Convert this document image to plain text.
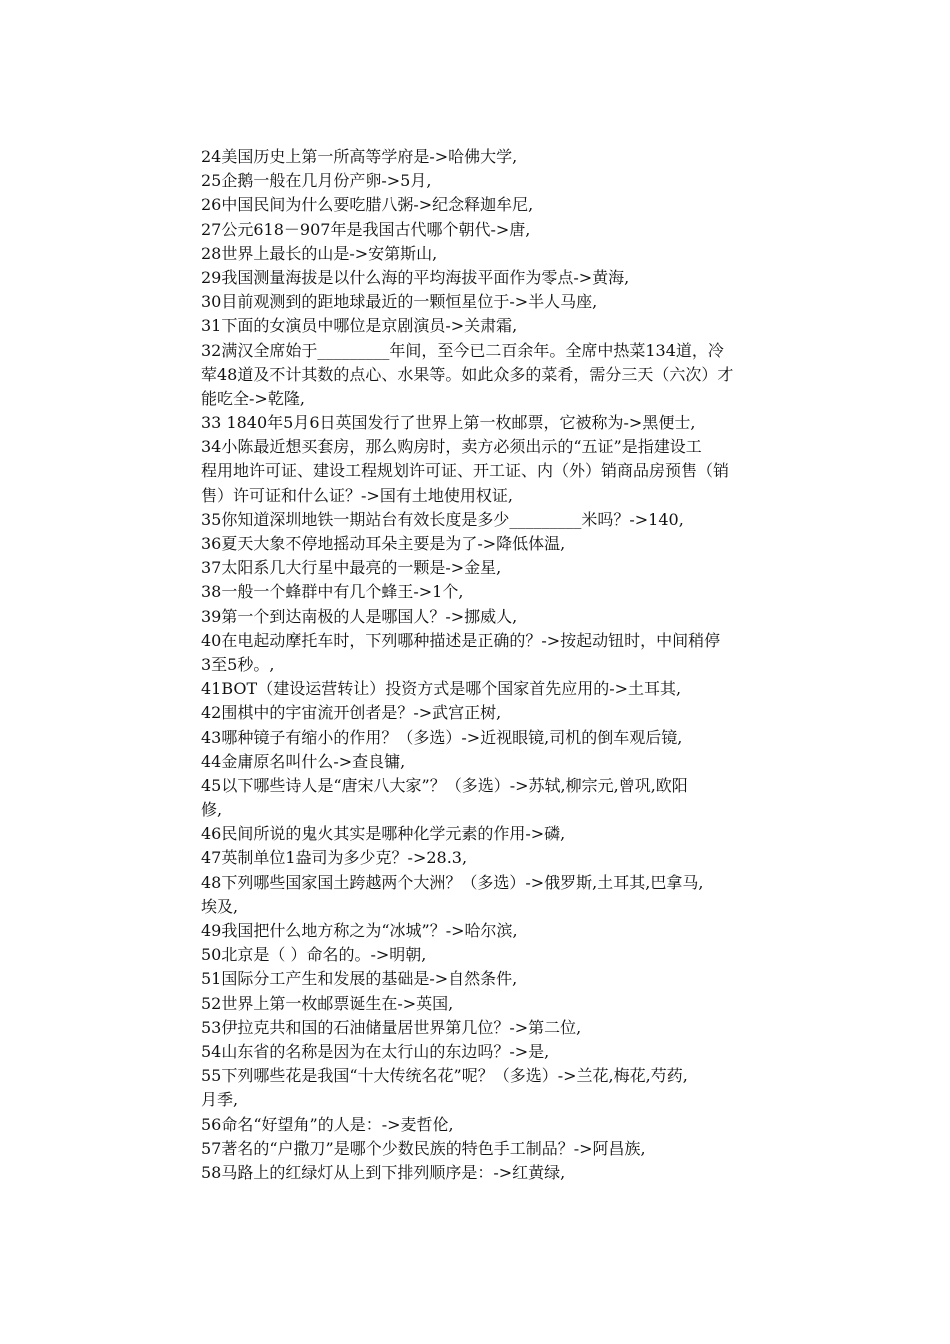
24美国历史上第一所高等学府是->哈佛大学,
25企鹅一般在几月份产卵->5月,
26中国民间为什么要吃腊八粥->纪念释迦牟尼,
27公元618－907年是我国古代哪个朝代->唐,
28世界上最长的山是->安第斯山,
29我国测量海拔是以什么海的平均海拔平面作为零点->黄海,
30目前观测到的距地球最近的一颗恒星位于->半人马座,
31下面的女演员中哪位是京剧演员->关肃霜,
32满汉全席始于_________年间，至今已二百余年。全席中热菜134道，冷
荤48道及不计其数的点心、水果等。如此众多的菜肴，需分三天（六次）才
能吃全->乾隆,
33 1840年5月6日英国发行了世界上第一枚邮票，它被称为->黑便士,
34小陈最近想买套房，那么购房时，卖方必须出示的“五证”是指建设工
程用地许可证、建设工程规划许可证、开工证、内（外）销商品房预售（销
售）许可证和什么证？->国有土地使用权证,
35你知道深圳地铁一期站台有效长度是多少_________米吗？->140,
36夏天大象不停地摇动耳朵主要是为了->降低体温,
37太阳系几大行星中最亮的一颗是->金星,
38一般一个蜂群中有几个蜂王->1个,
39第一个到达南极的人是哪国人？->挪威人,
40在电起动摩托车时，下列哪种描述是正确的？->按起动钮时，中间稍停
3至5秒。,
41BOT（建设运营转让）投资方式是哪个国家首先应用的->土耳其,
42围棋中的宇宙流开创者是？->武宫正树,
43哪种镜子有缩小的作用？（多选）->近视眼镜,司机的倒车观后镜,
44金庸原名叫什么->查良镛,
45以下哪些诗人是“唐宋八大家”？（多选）->苏轼,柳宗元,曾巩,欧阳
修,
46民间所说的鬼火其实是哪种化学元素的作用->磷,
47英制单位1盎司为多少克？->28.3,
48下列哪些国家国土跨越两个大洲？（多选）->俄罗斯,土耳其,巴拿马,
埃及,
49我国把什么地方称之为“冰城”？->哈尔滨,
50北京是（ ）命名的。->明朝,
51国际分工产生和发展的基础是->自然条件,
52世界上第一枚邮票诞生在->英国,
53伊拉克共和国的石油储量居世界第几位？->第二位,
54山东省的名称是因为在太行山的东边吗？->是,
55下列哪些花是我国“十大传统名花”呢？（多选）->兰花,梅花,芍药,
月季,
56命名“好望角”的人是：->麦哲伦,
57著名的“户撒刀”是哪个少数民族的特色手工制品？->阿昌族,
58马路上的红绿灯从上到下排列顺序是：->红黄绿,
